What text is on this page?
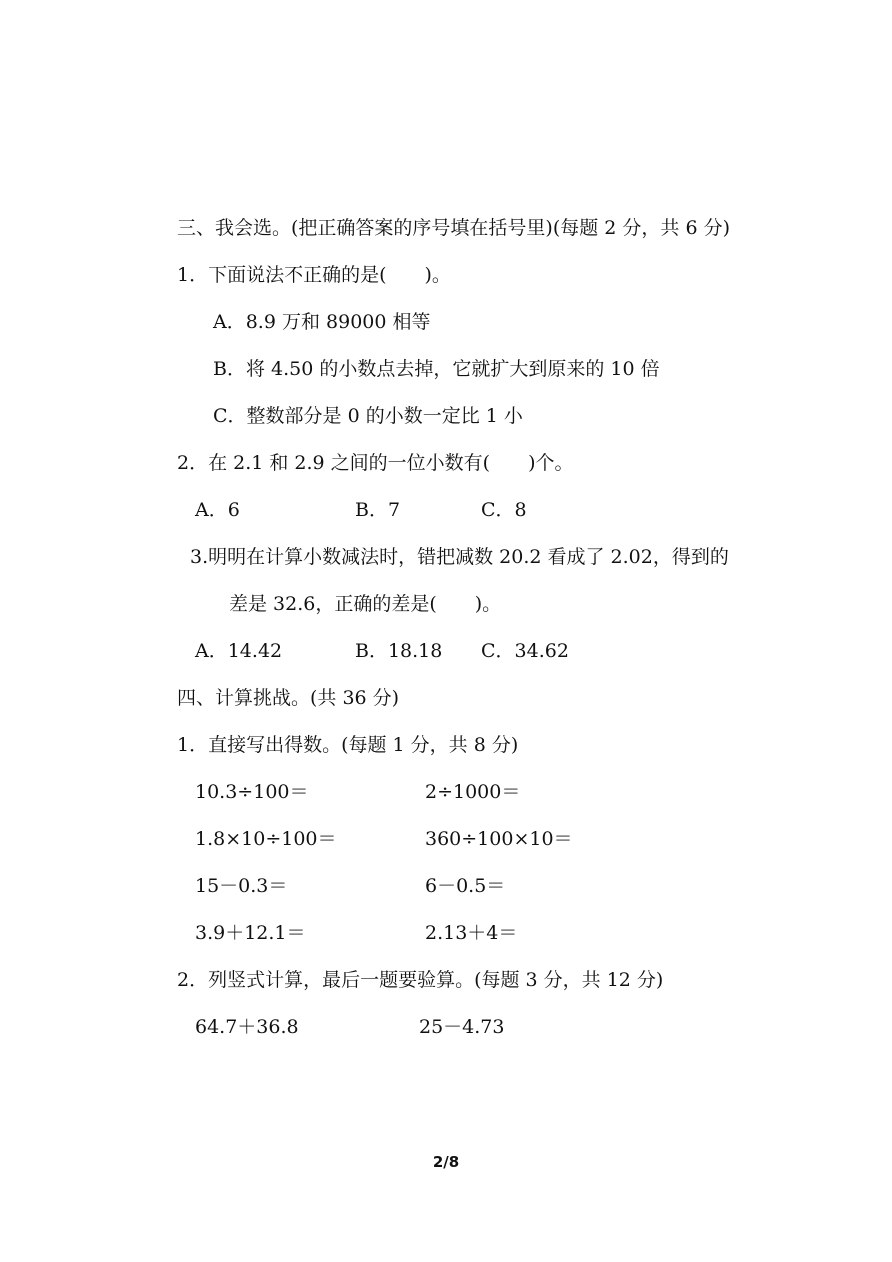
三、我会选。(把正确答案的序号填在括号里)(每题 2 分，共 6 分)
1．下面说法不正确的是(　　)。
A．8.9 万和 89000 相等
B．将 4.50 的小数点去掉，它就扩大到原来的 10 倍
C．整数部分是 0 的小数一定比 1 小
2．在 2.1 和 2.9 之间的一位小数有(　　)个。
A．6	B．7	C．8
3.明明在计算小数减法时，错把减数 20.2 看成了 2.02，得到的
差是 32.6，正确的差是(　　)。
A．14.42	B．18.18 C．34.62
四、计算挑战。(共 36 分)
1．直接写出得数。(每题 1 分，共 8 分)
10.3÷100＝	2÷1000＝
1.8×10÷100＝	360÷100×10＝
15－0.3＝	6－0.5＝
3.9＋12.1＝	2.13＋4＝
2．列竖式计算，最后一题要验算。(每题 3 分，共 12 分)
64.7＋36.8	25－4.73
2/8
